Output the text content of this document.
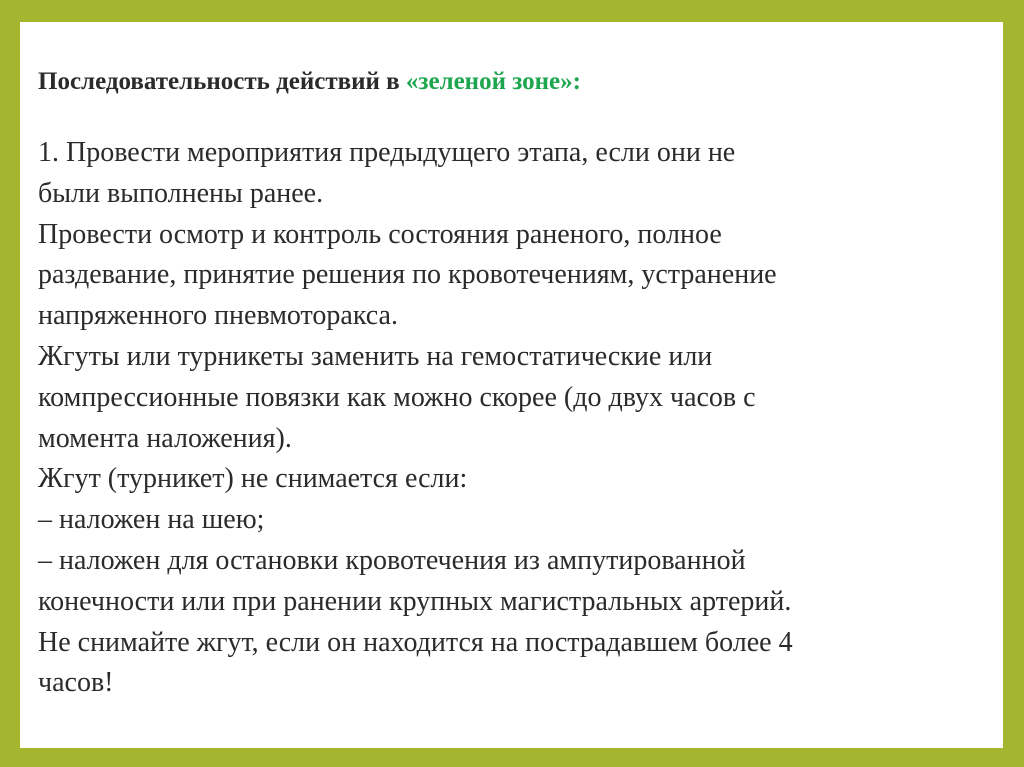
Последовательность действий в «зеленой зоне»:

1. Провести мероприятия предыдущего этапа, если они не
были выполнены ранее.
Провести осмотр и контроль состояния раненого, полное
раздевание, принятие решения по кровотечениям, устранение
напряженного пневмоторакса.
Жгуты или турникеты заменить на гемостатические или
компрессионные повязки как можно скорее (до двух часов с
момента наложения).
Жгут (турникет) не снимается если:
– наложен на шею;
– наложен для остановки кровотечения из ампутированной
конечности или при ранении крупных магистральных артерий.
Не снимайте жгут, если он находится на пострадавшем более 4
часов!
